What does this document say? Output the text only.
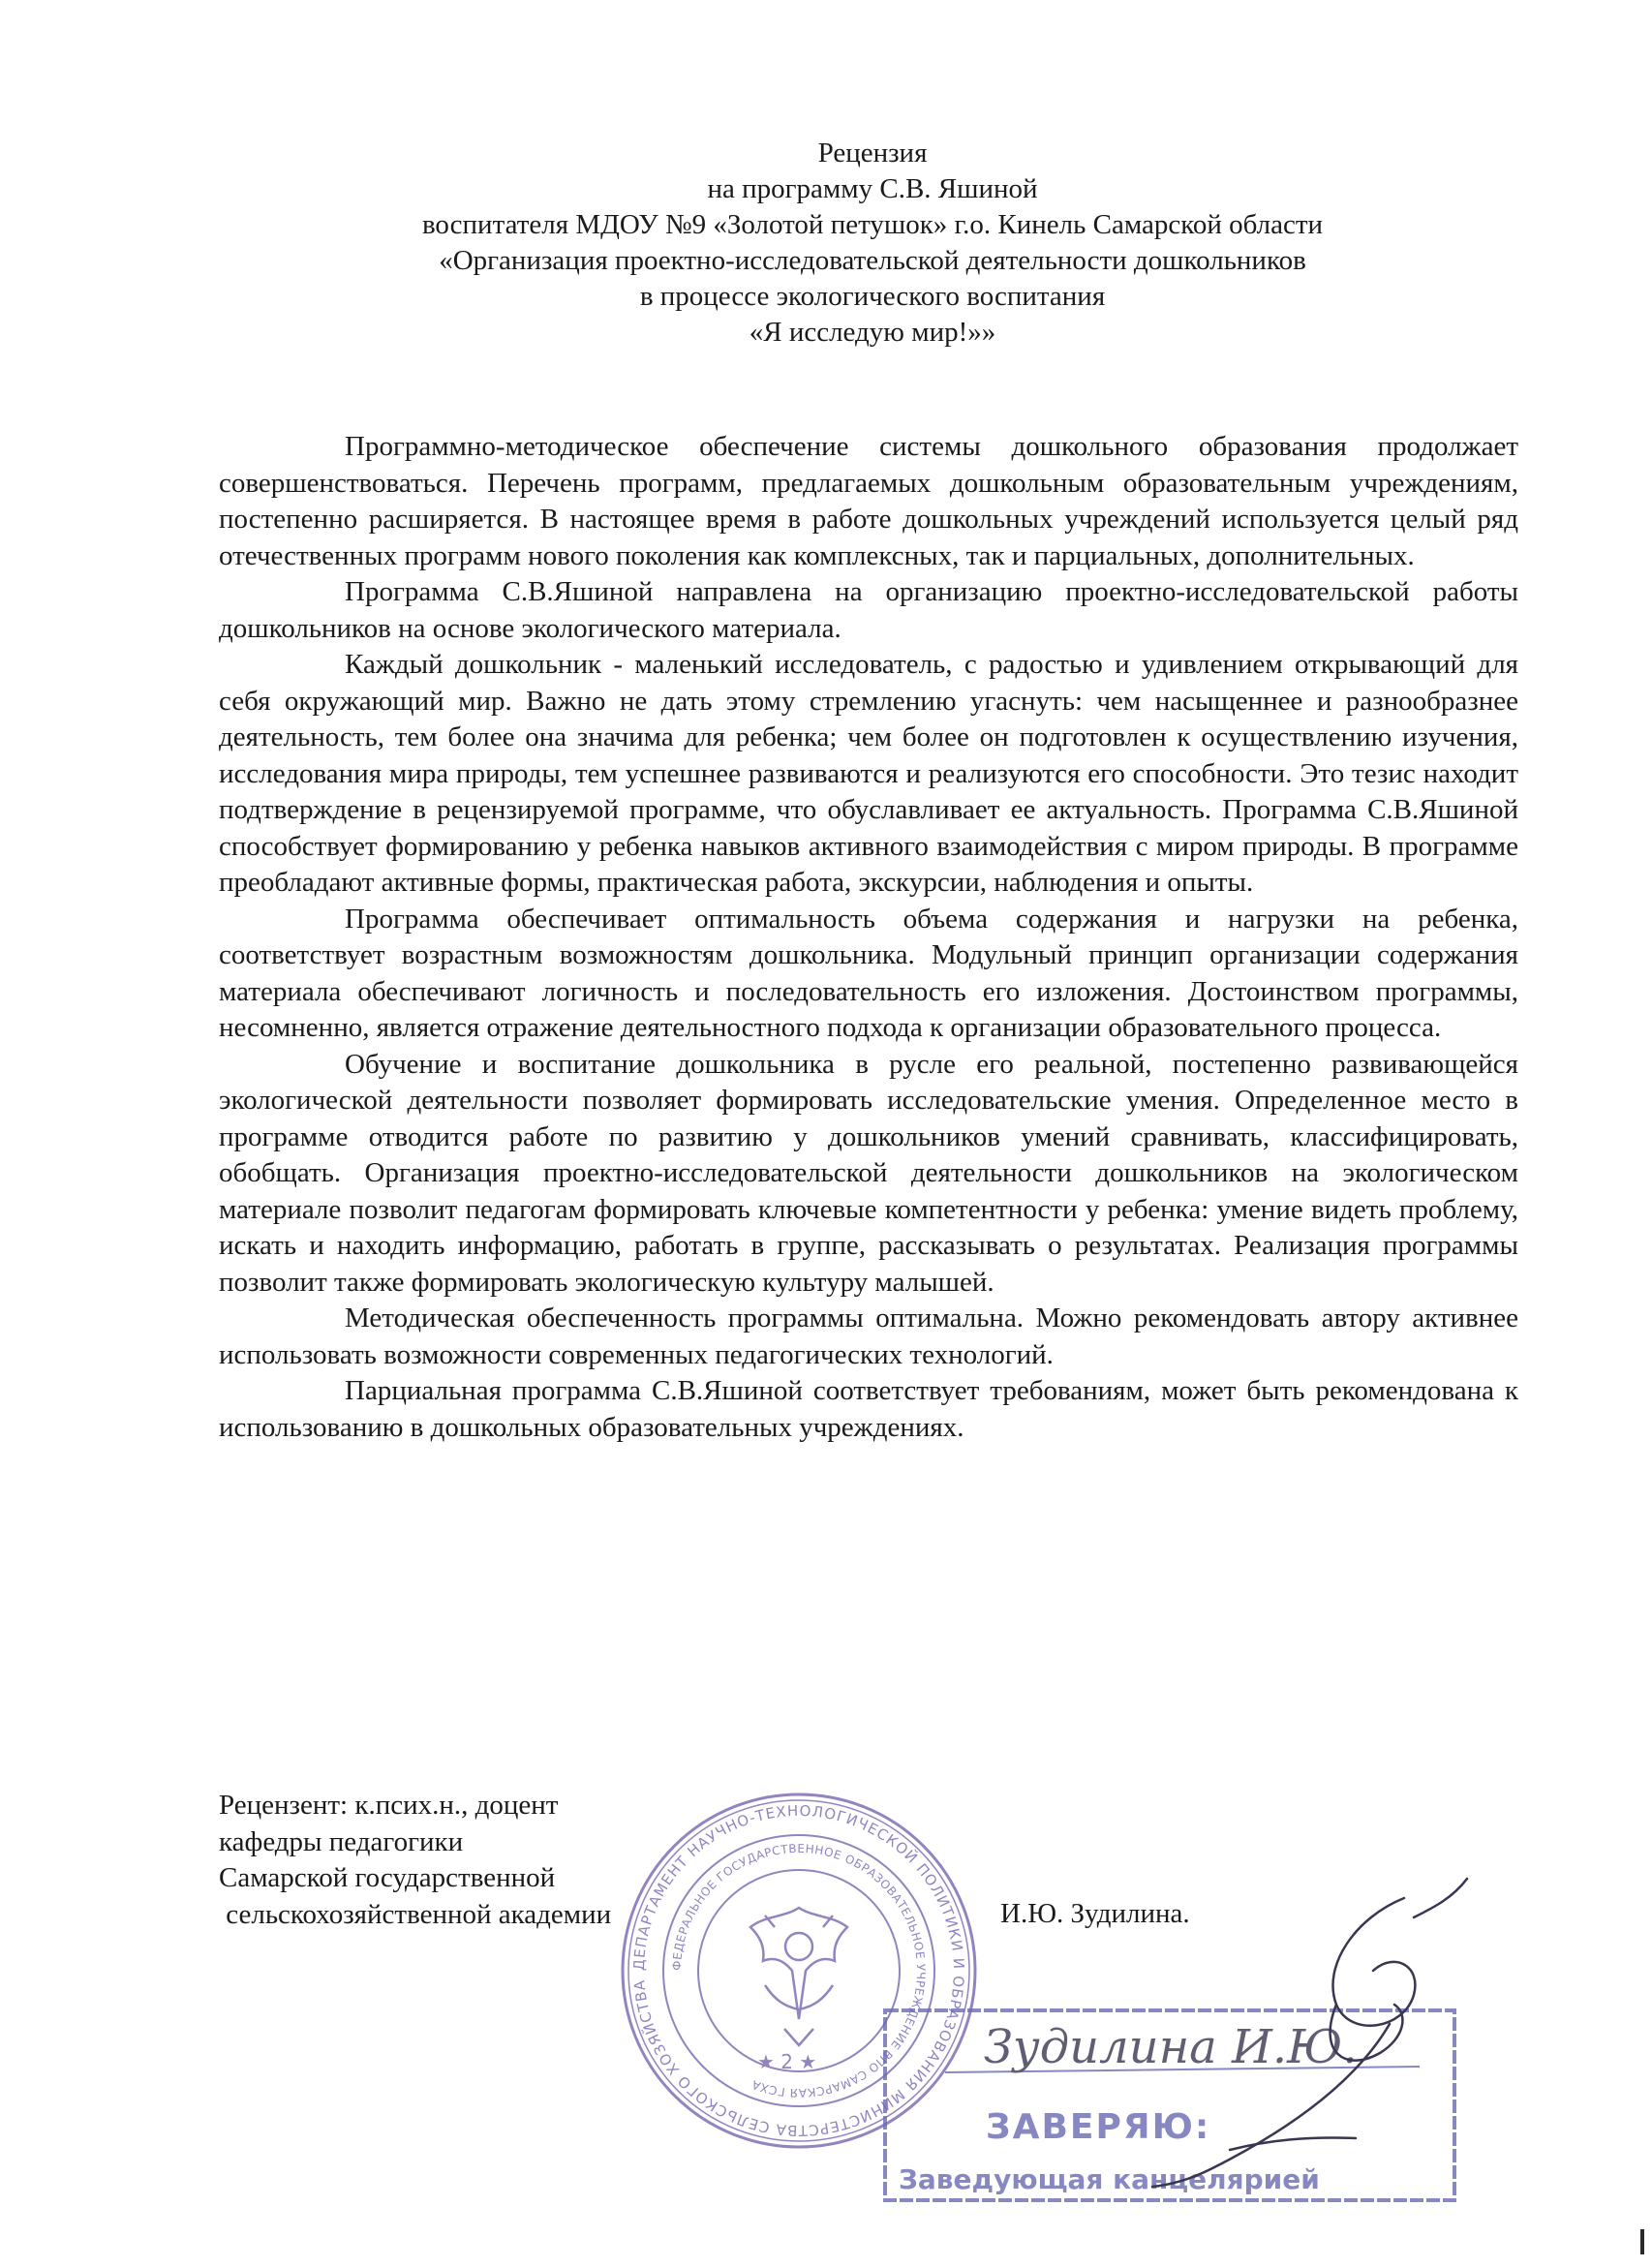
Рецензия
на программу С.В. Яшиной
воспитателя МДОУ №9 «Золотой петушок» г.о. Кинель Самарской области
«Организация проектно-исследовательской деятельности дошкольников
в процессе экологического воспитания
«Я исследую мир!»»

Программно-методическое обеспечение системы дошкольного образования продолжает совершенствоваться. Перечень программ, предлагаемых дошкольным образовательным учреждениям, постепенно расширяется. В настоящее время в работе дошкольных учреждений используется целый ряд отечественных программ нового поколения как комплексных, так и парциальных, дополнительных.

Программа С.В.Яшиной направлена на организацию проектно-исследовательской работы дошкольников на основе экологического материала.

Каждый дошкольник - маленький исследователь, с радостью и удивлением открывающий для себя окружающий мир. Важно не дать этому стремлению угаснуть: чем насыщеннее и разнообразнее деятельность, тем более она значима для ребенка; чем более он подготовлен к осуществлению изучения, исследования мира природы, тем успешнее развиваются и реализуются его способности. Это тезис находит подтверждение в рецензируемой программе, что обуславливает ее актуальность. Программа С.В.Яшиной способствует формированию у ребенка навыков активного взаимодействия с миром природы. В программе преобладают активные формы, практическая работа, экскурсии, наблюдения и опыты.

Программа обеспечивает оптимальность объема содержания и нагрузки на ребенка, соответствует возрастным возможностям дошкольника. Модульный принцип организации содержания материала обеспечивают логичность и последовательность его изложения. Достоинством программы, несомненно, является отражение деятельностного подхода к организации образовательного процесса.

Обучение и воспитание дошкольника в русле его реальной, постепенно развивающейся экологической деятельности позволяет формировать исследовательские умения. Определенное место в программе отводится работе по развитию у дошкольников умений сравнивать, классифицировать, обобщать. Организация проектно-исследовательской деятельности дошкольников на экологическом материале позволит педагогам формировать ключевые компетентности у ребенка: умение видеть проблему, искать и находить информацию, работать в группе, рассказывать о результатах. Реализация программы позволит также формировать экологическую культуру малышей.

Методическая обеспеченность программы оптимальна. Можно рекомендовать автору активнее использовать возможности современных педагогических технологий.

Парциальная программа С.В.Яшиной соответствует требованиям, может быть рекомендована к использованию в дошкольных образовательных учреждениях.

Рецензент: к.псих.н., доцент
кафедры педагогики
Самарской государственной
сельскохозяйственной академии	И.Ю. Зудилина.
ДЕПАРТАМЕНТ НАУЧНО-ТЕХНОЛОГИЧЕСКОЙ ПОЛИТИКИ И ОБРАЗОВАНИЯ МИНИСТЕРСТВА СЕЛЬСКОГО ХОЗЯЙСТВА
ФЕДЕРАЛЬНОЕ ГОСУДАРСТВЕННОЕ ОБРАЗОВАТЕЛЬНОЕ УЧРЕЖДЕНИЕ ВПО САМАРСКАЯ ГСХА
★ 2 ★	Зудилина И.Ю.
ЗАВЕРЯЮ:
Заведующая канцелярией
